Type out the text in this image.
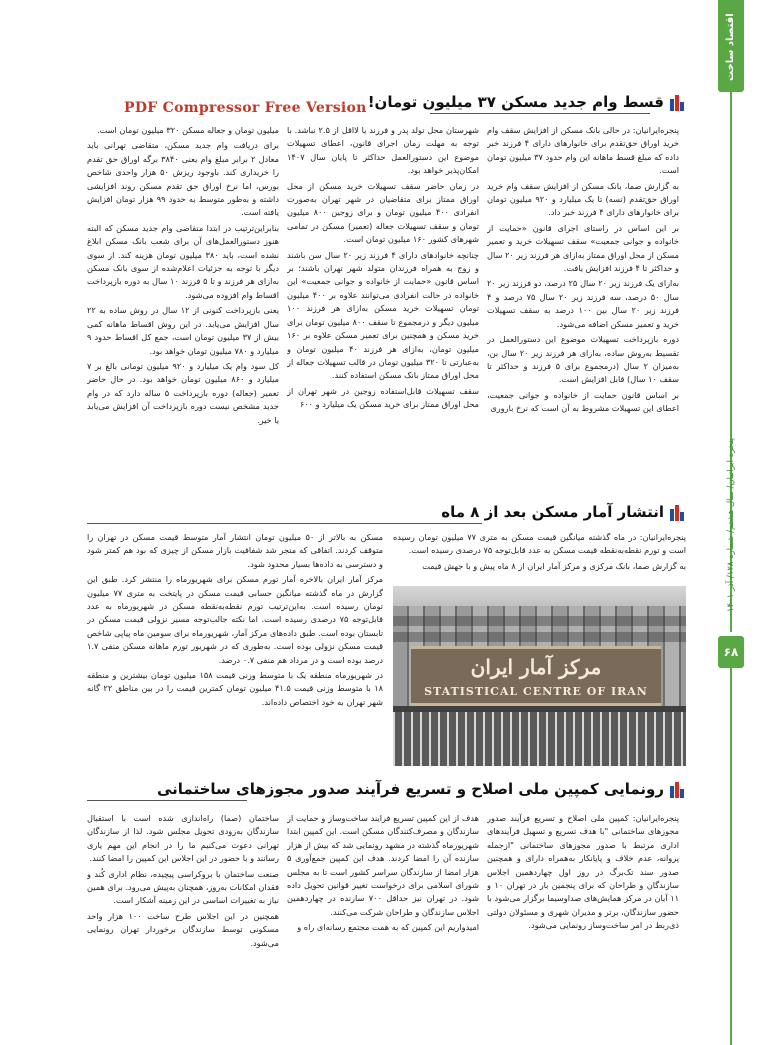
اقتصاد ساخت و ساز
پنجره ایرانیان/ سال هشتم/ شماره ۱۲۸/ آذر ۱۴۰۱
۶۸
PDF Compressor Free Version قسط وام جدید مسکن ۳۷ میلیون تومان!

پنجره‌ایرانیان: در حالی بانک مسکن از افزایش سقف وام خرید اوراق حق‌تقدم برای خانوارهای دارای ۴ فرزند خبر داده که مبلغ قسط ماهانه این وام حدود ۳۷ میلیون تومان است.

به گزارش صما، بانک مسکن از افزایش سقف وام خرید اوراق حق‌تقدم (تسه) تا یک میلیارد و ۹۲۰ میلیون تومان برای خانوارهای دارای ۴ فرزند خبر داد.

بر این اساس در راستای اجرای قانون «حمایت از خانواده و جوانی جمعیت» سقف تسهیلات خرید و تعمیر مسکن از محل اوراق ممتاز به‌ازای هر فرزند زیر ۲۰ سال و حداکثر تا ۴ فرزند افزایش یافت.

به‌ازای یک فرزند زیر ۲۰ سال ۲۵ درصد، دو فرزند زیر ۲۰ سال ۵۰ درصد، سه فرزند زیر ۲۰ سال ۷۵ درصد و ۴ فرزند زیر ۲۰ سال بین ۱۰۰ درصد به سقف تسهیلات خرید و تعمیر مسکن اضافه می‌شود.

دوره بازپرداخت تسهیلات موضوع این دستورالعمل در تقسیط به‌روش ساده، به‌ازای هر فرزند زیر ۲۰ سال بن، به‌میزان ۲ سال (درمجموع برای ۵ فرزند و حداکثر تا سقف ۱۰ سال) قابل افزایش است.

بر اساس قانون حمایت از خانواده و جوانی جمعیت، اعطای این تسهیلات مشروط به آن است که نرخ باروری

شهرستان محل تولد پدر و فرزند یا لااقل از ۲.۵ نباشد. با توجه به مهلت زمان اجرای قانون، اعطای تسهیلات موضوع این دستورالعمل حداکثر تا پایان سال ۱۴۰۷ امکان‌پذیر خواهد بود.

در زمان حاضر سقف تسهیلات خرید مسکن از محل اوراق ممتاز برای متقاضیان در شهر تهران به‌صورت انفرادی ۴۰۰ میلیون تومان و برای زوجین ۸۰۰ میلیون تومان و سقف تسهیلات جعاله (تعمیر) مسکن در تمامی شهرهای کشور ۱۶۰ میلیون تومان است.

چنانچه خانوادهای دارای ۴ فرزند زیر ۲۰ سال سن باشند و زوج به همراه فرزندان متولد شهر تهران باشند؛ بر اساس قانون «حمایت از خانواده و جوانی جمعیت» این خانواده در حالت انفرادی می‌توانند علاوه بر ۴۰۰ میلیون تومان تسهیلات خرید مسکن به‌ازای هر فرزند ۱۰۰ میلیون دیگر و درمجموع تا سقف ۸۰۰ میلیون تومان برای خرید مسکن و همچنین برای تعمیر مسکن علاوه بر ۱۶۰ میلیون تومان، به‌ازای هر فرزند ۴۰ میلیون تومان و به‌عبارتی تا ۳۲۰ میلیون تومان در قالب تسهیلات جعاله از محل اوراق ممتاز بانک مسکن استفاده کنند.

سقف تسهیلات قابل‌استفاده زوجین در شهر تهران از محل اوراق ممتاز برای خرید مسکن یک میلیارد و ۶۰۰

میلیون تومان و جعاله مسکن ۳۲۰ میلیون تومان است.

برای دریافت وام جدید مسکن، متقاضی تهرانی باید معادل ۲ برابر مبلغ وام یعنی ۳۸۴۰ برگه اوراق حق تقدم را خریداری کند. باوجود ریزش ۵۰ هزار واحدی شاخص بورس، اما نرخ اوراق حق تقدم مسکن روند افزایشی داشته و به‌طور متوسط به حدود ۹۹ هزار تومان افزایش یافته است.

بنابراین‌ترتیب در ابتدا متقاضی وام جدید مسکن که البته هنوز دستورالعمل‌های آن برای شعب بانک مسکن ابلاغ نشده است، باید ۳۸۰ میلیون تومان هزینه کند. از سوی دیگر با توجه به جزئیات اعلام‌شده از سوی بانک مسکن به‌ازای هر فرزند و تا ۵ فرزند ۱۰ سال به دوره بازپرداخت اقساط وام افزوده می‌شود.

یعنی بازپرداخت کنونی از ۱۲ سال در روش ساده به ۲۲ سال افزایش می‌یابد. در این روش اقساط ماهانه کمی بیش از ۳۷ میلیون تومان است، جمع کل اقساط حدود ۹ میلیارد و ۷۸۰ میلیون تومان خواهد بود.

کل سود وام یک میلیارد و ۹۲۰ میلیون تومانی بالغ بر ۷ میلیارد و ۸۶۰ میلیون تومان خواهد بود. در حال حاضر تعمیر (جعاله) دوره بازپرداخت ۵ ساله دارد که در وام جدید مشخص نیست دوره بازپرداخت آن افزایش می‌یابد یا خیر.

انتشار آمار مسکن بعد از ۸ ماه

پنجره‌ایرانیان: در ماه گذشته میانگین قیمت مسکن به متری ۷۷ میلیون تومان رسیده است و تورم نقطه‌به‌نقطه قیمت مسکن به عدد قابل‌توجه ۷۵ درصدی رسیده است.

به گزارش صما، بانک مرکزی و مرکز آمار ایران از ۸ ماه پیش و با جهش قیمت

مرکز آمار ایران
STATISTICAL CENTRE OF IRAN

مسکن به بالاتر از ۵۰ میلیون تومان انتشار آمار متوسط قیمت مسکن در تهران را متوقف کردند. اتفاقی که منجر شد شفافیت بازار مسکن از چیزی که بود هم کمتر شود و دسترسی به داده‌ها بسیار محدود شود.

مرکز آمار ایران بالاخره آمار تورم مسکن برای شهریورماه را منتشر کرد. طبق این گزارش در ماه گذشته میانگین حسابی قیمت مسکن در پایتخت به متری ۷۷ میلیون تومان رسیده است. به‌این‌ترتیب تورم نقطه‌به‌نقطه مسکن در شهریورماه به عدد قابل‌توجه ۷۵ درصدی رسیده است. اما نکته جالب‌توجه مسیر نزولی قیمت مسکن در تابستان بوده است. طبق داده‌های مرکز آمار، شهریورماه برای سومین ماه پیاپی شاخص قیمت مسکن نزولی بوده است. به‌طوری که در شهریور تورم ماهانه مسکن منفی ۱.۷ درصد بوده است و در مرداد هم منفی ۰.۷ درصد.

در شهریورماه منطقه یک با متوسط وزنی قیمت ۱۵۸ میلیون تومان بیشترین و منطقه ۱۸ با متوسط وزنی قیمت ۴۱.۵ میلیون تومان کمترین قیمت را در بین مناطق ۲۲ گانه شهر تهران به خود اختصاص داده‌اند.

رونمایی کمپین ملی اصلاح و تسریع فرآیند صدور مجوزهای ساختمانی

پنجره‌ایرانیان: کمپین ملی اصلاح و تسریع فرآیند صدور مجوزهای ساختمانی "با هدف تسریع و تسهیل فرآیندهای اداری مرتبط با صدور مجوزهای ساختمانی "ازجمله پروانه، عدم خلاف و پایانکار به‌همراه دارای و همچنین صدور سند تک‌برگ در روز اول چهاردهمین اجلاس سازندگان و طراحان که برای پنجمین بار در تهران ۱۰ و ۱۱ آبان در مرکز همایش‌های صداوسیما برگزار می‌شود با حضور سازندگان، برتر و مدیران شهری و مسئولان دولتی ذی‌ربط در امر ساخت‌وساز رونمایی می‌شود.

هدف از این کمپین تسریع فرایند ساخت‌وساز و حمایت از سازندگان و مصرف‌کنندگان مسکن است. این کمپین ابتدا شهریورماه گذشته در مشهد رونمایی شد که بیش از هزار سازنده آن را امضا کردند. هدف این کمپین جمع‌آوری ۵ هزار امضا از سازندگان سراسر کشور است تا به مجلس شورای اسلامی برای درخواست تغییر قوانین تحویل داده شود. در تهران نیز حداقل ۷۰۰ سازنده در چهاردهمین اجلاس سازندگان و طراحان شرکت می‌کنند.

امیدواریم این کمپین که به همت مجتمع رسانه‌ای راه و

ساختمان (صما) راه‌اندازی شده است با استقبال سازندگان به‌زودی تحویل مجلس شود. لذا از سازندگان تهرانی دعوت می‌کنیم ما را در انجام این مهم یاری رسانند و با حضور در این اجلاس این کمپین را امضا کنند.

صنعت ساختمان با بروکراسی پیچیده، نظام اداری کُند و فقدان امکانات به‌روز، همچنان به‌پیش می‌رود. برای همین نیاز به تغییرات اساسی در این زمینه آشکار است.

همچنین در این اجلاس طرح ساخت ۱۰۰ هزار واحد مسکونی توسط سازندگان برخوردار تهران رونمایی می‌شود.
